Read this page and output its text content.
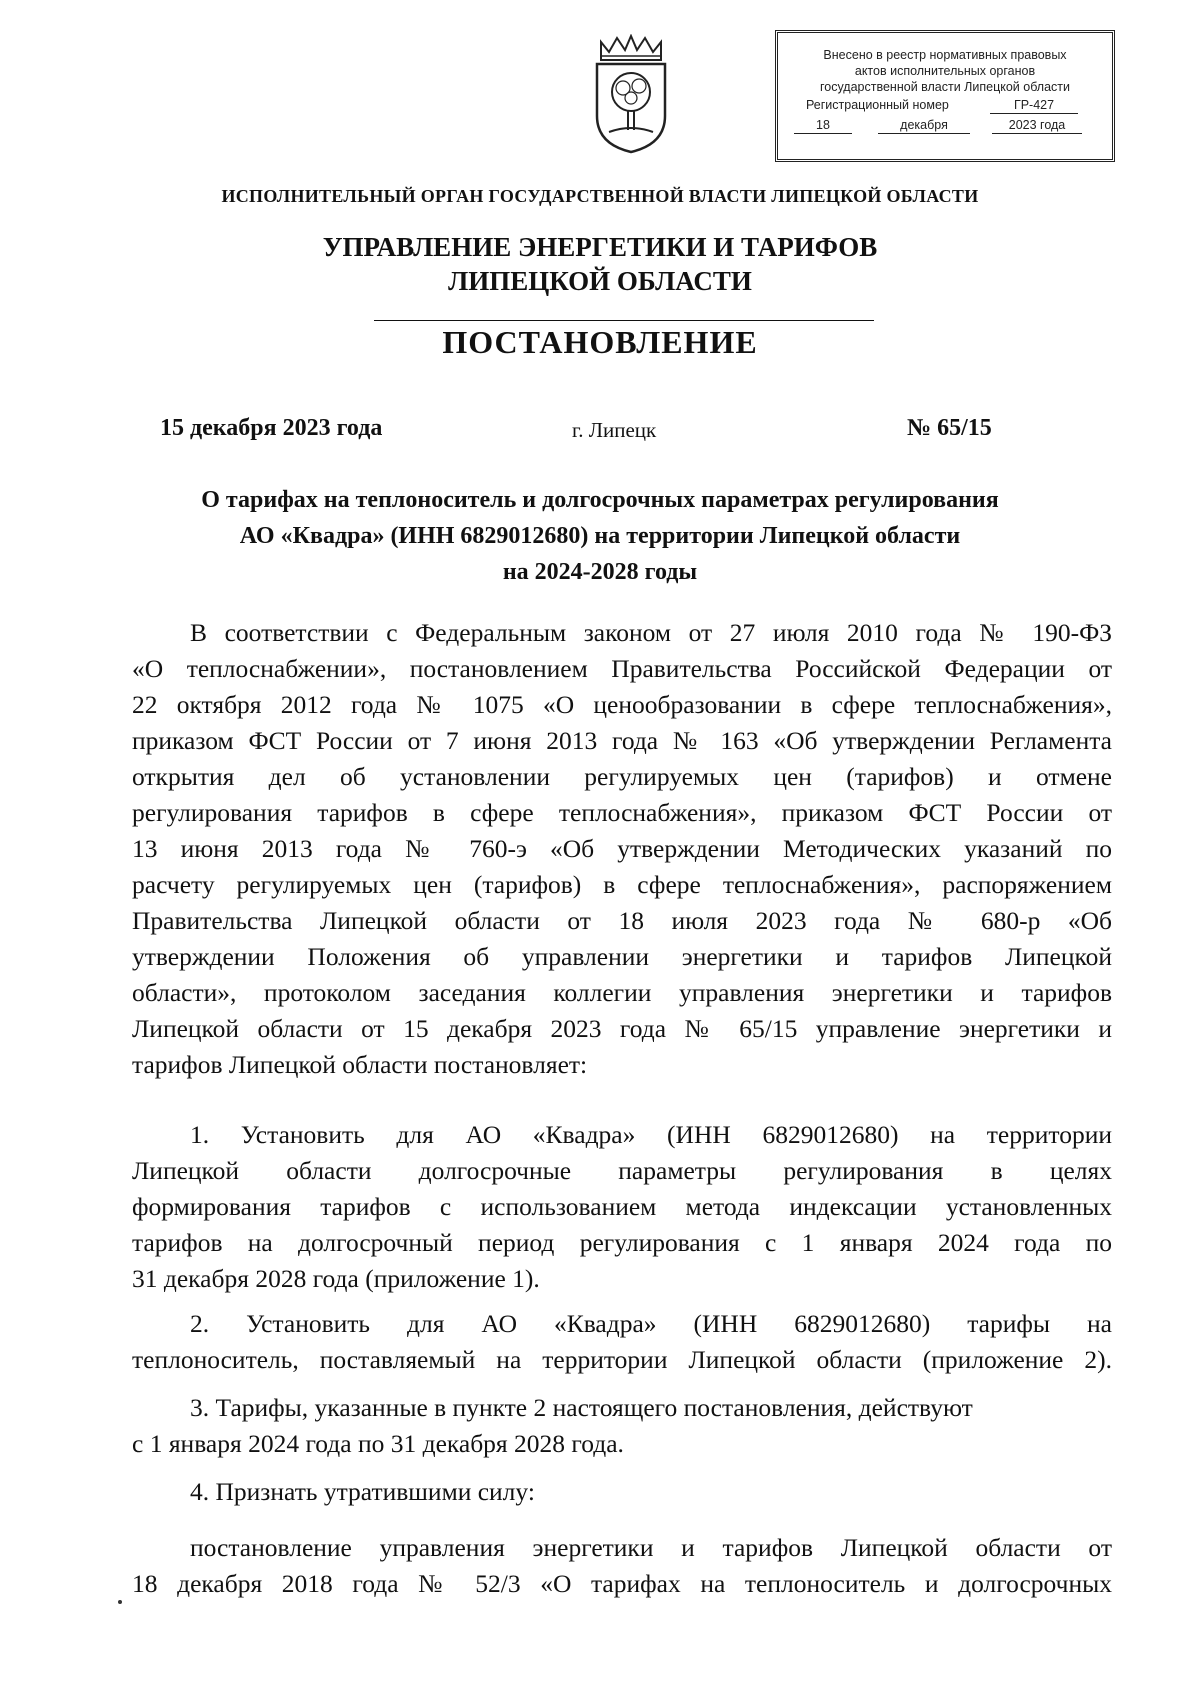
Внесено в реестр нормативных правовых
актов исполнительных органов
государственной власти Липецкой области
Регистрационный номер	ГР-427
18	декабря	2023 года
ИСПОЛНИТЕЛЬНЫЙ ОРГАН ГОСУДАРСТВЕННОЙ ВЛАСТИ ЛИПЕЦКОЙ ОБЛАСТИ
УПРАВЛЕНИЕ ЭНЕРГЕТИКИ И ТАРИФОВ
ЛИПЕЦКОЙ ОБЛАСТИ
ПОСТАНОВЛЕНИЕ
15 декабря 2023 года	г. Липецк	№ 65/15
О тарифах на теплоноситель и долгосрочных параметрах регулирования
АО «Квадра» (ИНН 6829012680) на территории Липецкой области
на 2024-2028 годы
В соответствии с Федеральным законом от 27 июля 2010 года № 190-ФЗ
«О теплоснабжении», постановлением Правительства Российской Федерации от
22 октября 2012 года № 1075 «О ценообразовании в сфере теплоснабжения»,
приказом ФСТ России от 7 июня 2013 года № 163 «Об утверждении Регламента
открытия дел об установлении регулируемых цен (тарифов) и отмене
регулирования тарифов в сфере теплоснабжения», приказом ФСТ России от
13 июня 2013 года № 760-э «Об утверждении Методических указаний по
расчету регулируемых цен (тарифов) в сфере теплоснабжения», распоряжением
Правительства Липецкой области от 18 июля 2023 года № 680-р «Об
утверждении Положения об управлении энергетики и тарифов Липецкой
области», протоколом заседания коллегии управления энергетики и тарифов
Липецкой области от 15 декабря 2023 года № 65/15 управление энергетики и
тарифов Липецкой области постановляет:
1. Установить для АО «Квадра» (ИНН 6829012680) на территории
Липецкой области долгосрочные параметры регулирования в целях
формирования тарифов с использованием метода индексации установленных
тарифов на долгосрочный период регулирования с 1 января 2024 года по
31 декабря 2028 года (приложение 1).
2. Установить для АО «Квадра» (ИНН 6829012680) тарифы на
теплоноситель, поставляемый на территории Липецкой области (приложение 2).
3. Тарифы, указанные в пункте 2 настоящего постановления, действуют
с 1 января 2024 года по 31 декабря 2028 года.
4. Признать утратившими силу:
постановление управления энергетики и тарифов Липецкой области от
18 декабря 2018 года № 52/3 «О тарифах на теплоноситель и долгосрочных
